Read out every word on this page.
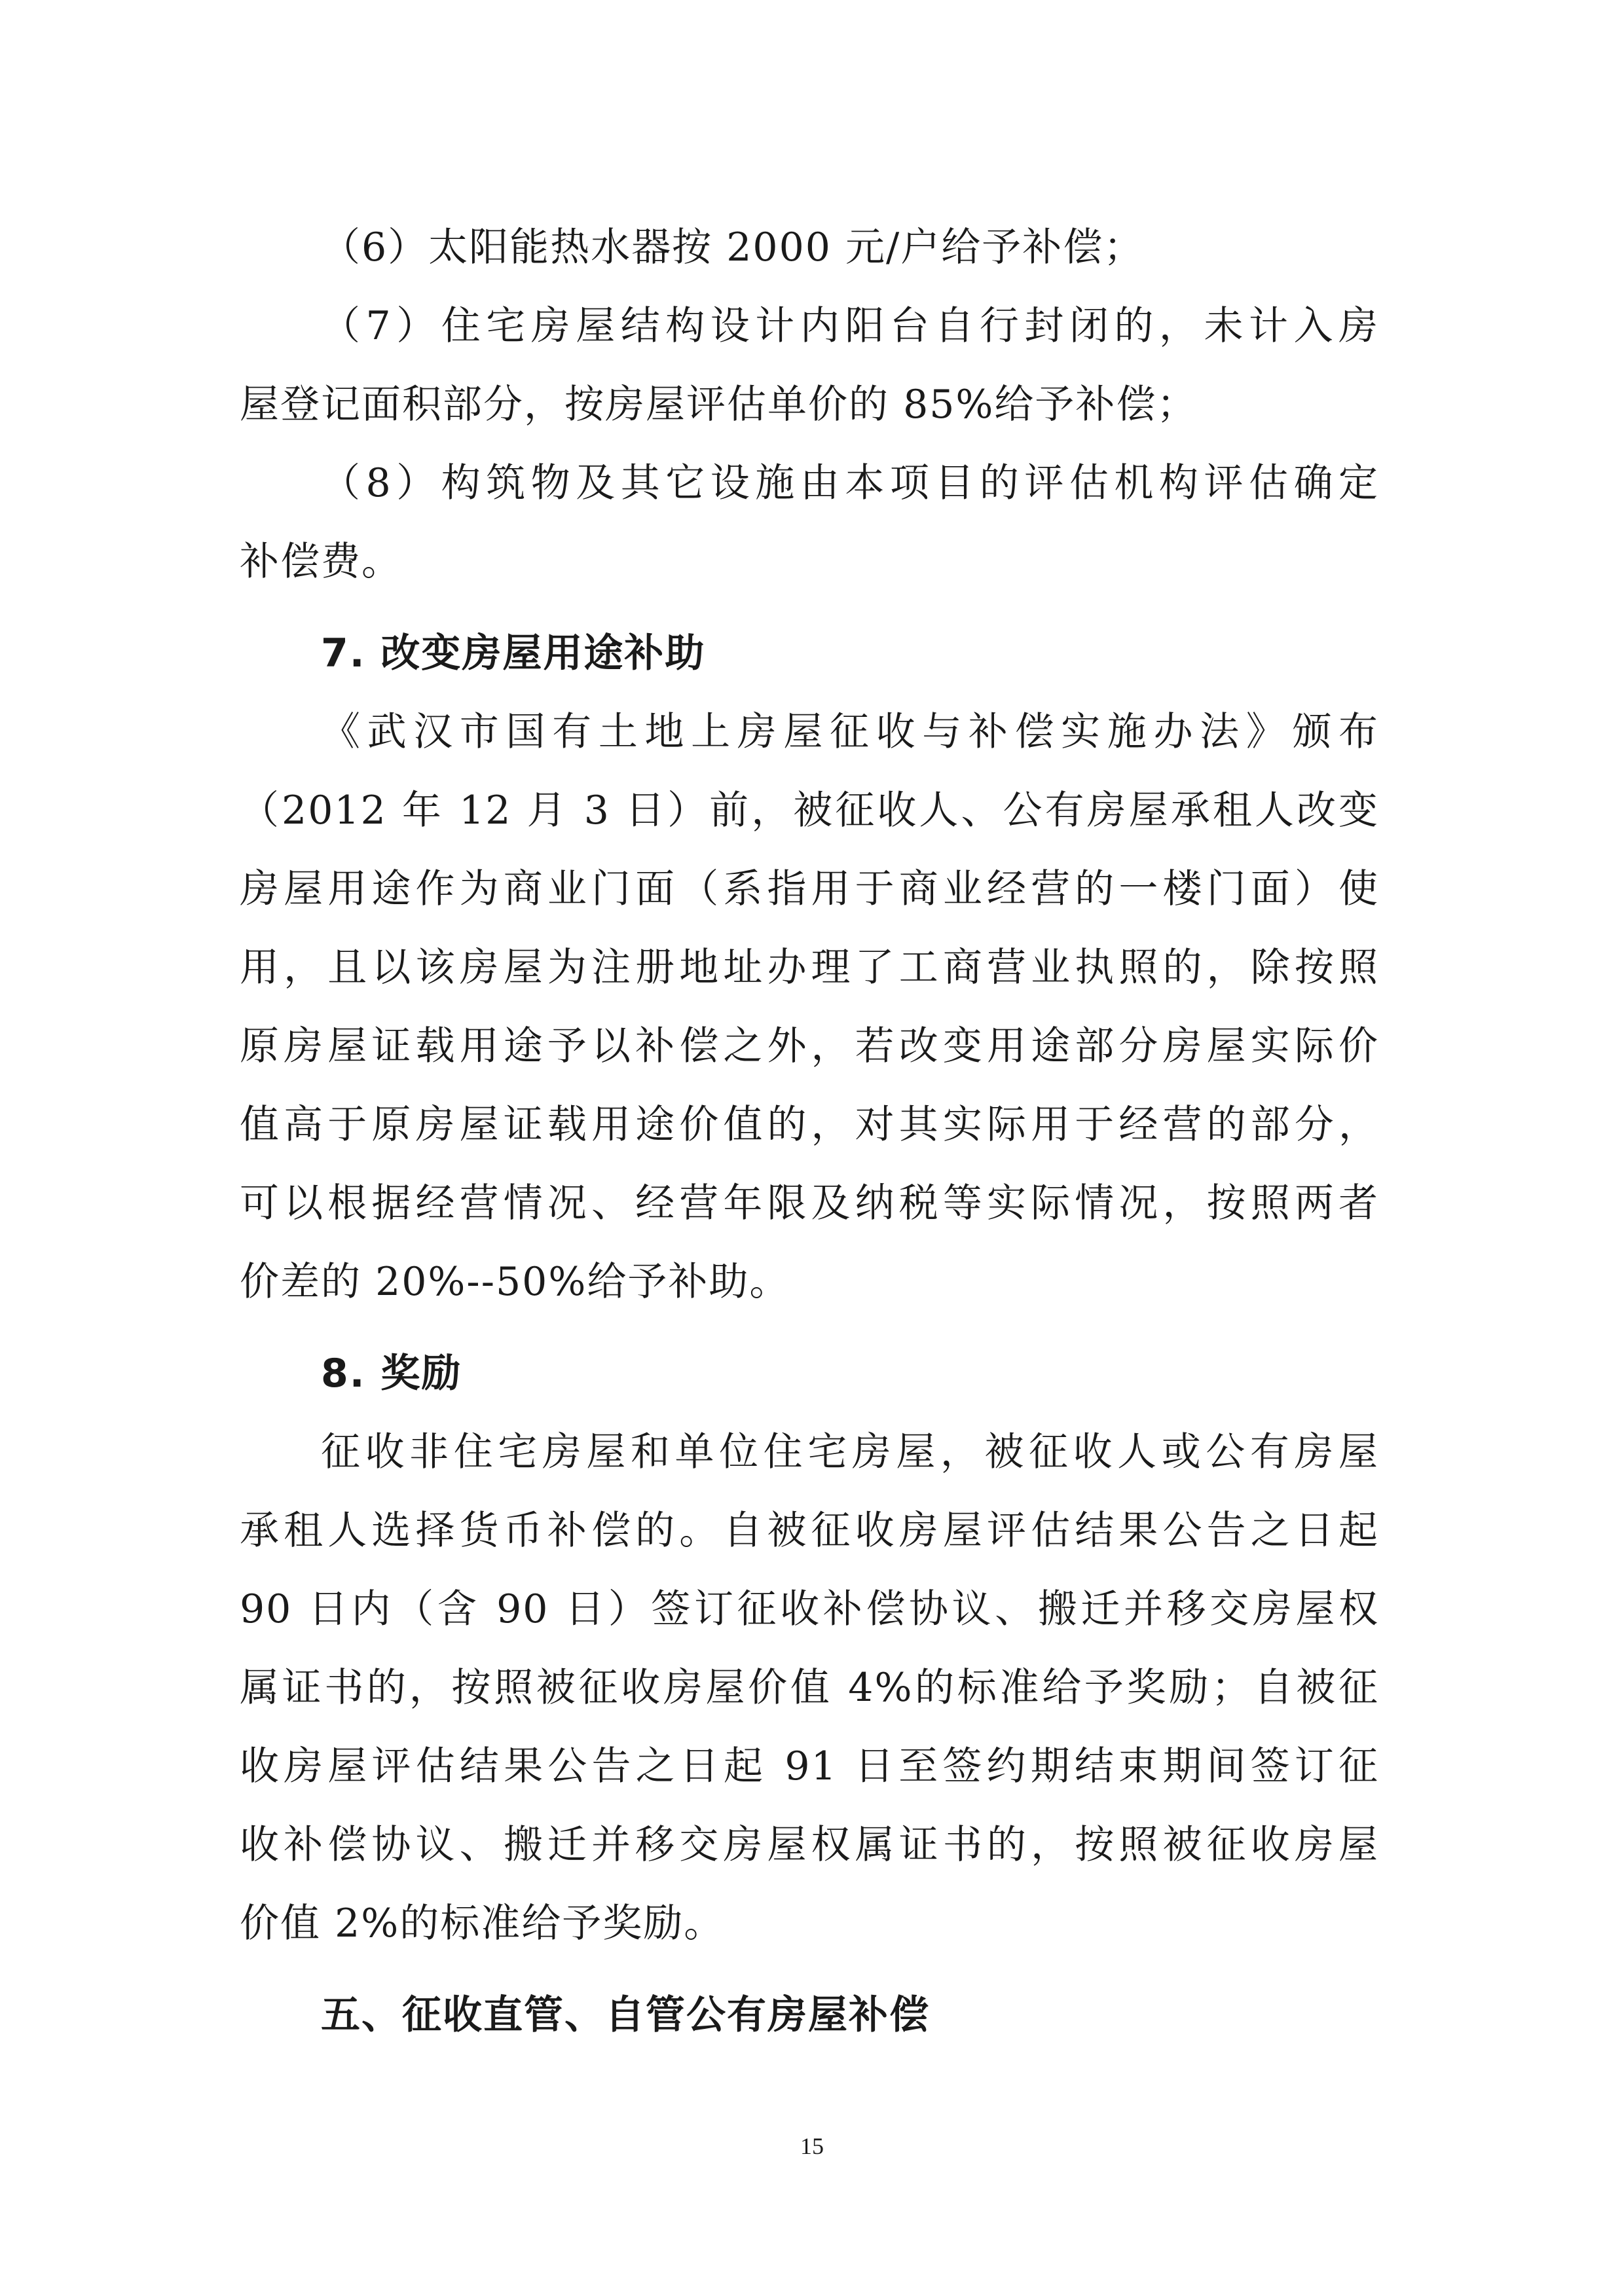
（6）太阳能热水器按 2000 元/户给予补偿；
（7）住宅房屋结构设计内阳台自行封闭的，未计入房
屋登记面积部分，按房屋评估单价的 85%给予补偿；
（8）构筑物及其它设施由本项目的评估机构评估确定
补偿费。
7. 改变房屋用途补助
《武汉市国有土地上房屋征收与补偿实施办法》颁布
（2012 年 12 月 3 日）前，被征收人、公有房屋承租人改变
房屋用途作为商业门面（系指用于商业经营的一楼门面）使
用，且以该房屋为注册地址办理了工商营业执照的，除按照
原房屋证载用途予以补偿之外，若改变用途部分房屋实际价
值高于原房屋证载用途价值的，对其实际用于经营的部分，
可以根据经营情况、经营年限及纳税等实际情况，按照两者
价差的 20%--50%给予补助。
8. 奖励
征收非住宅房屋和单位住宅房屋，被征收人或公有房屋
承租人选择货币补偿的。自被征收房屋评估结果公告之日起
90 日内（含 90 日）签订征收补偿协议、搬迁并移交房屋权
属证书的，按照被征收房屋价值 4%的标准给予奖励；自被征
收房屋评估结果公告之日起 91 日至签约期结束期间签订征
收补偿协议、搬迁并移交房屋权属证书的，按照被征收房屋
价值 2%的标准给予奖励。
五、征收直管、自管公有房屋补偿
15
